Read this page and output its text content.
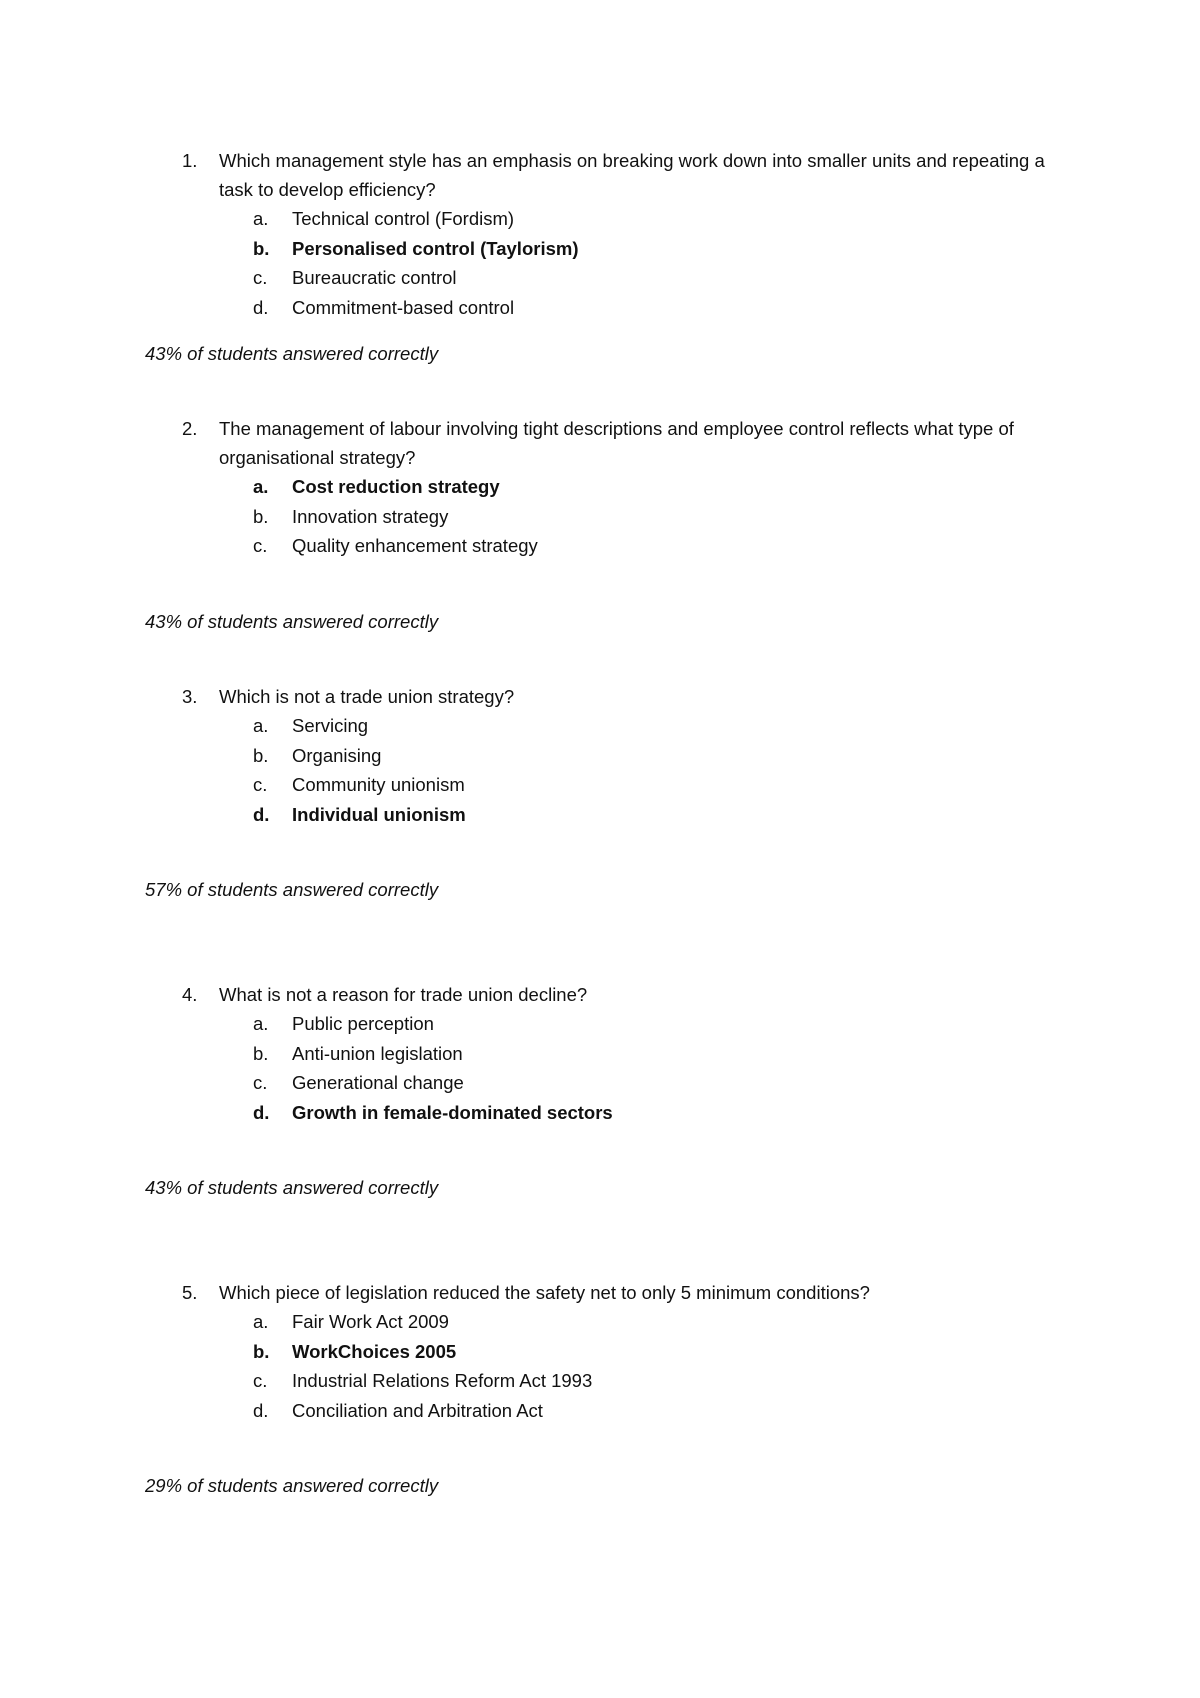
1. Which management style has an emphasis on breaking work down into smaller units and repeating a task to develop efficiency?
a. Technical control (Fordism)
b. Personalised control (Taylorism)
c. Bureaucratic control
d. Commitment-based control
43% of students answered correctly
2. The management of labour involving tight descriptions and employee control reflects what type of organisational strategy?
a. Cost reduction strategy
b. Innovation strategy
c. Quality enhancement strategy
43% of students answered correctly
3. Which is not a trade union strategy?
a. Servicing
b. Organising
c. Community unionism
d. Individual unionism
57% of students answered correctly
4. What is not a reason for trade union decline?
a. Public perception
b. Anti-union legislation
c. Generational change
d. Growth in female-dominated sectors
43% of students answered correctly
5. Which piece of legislation reduced the safety net to only 5 minimum conditions?
a. Fair Work Act 2009
b. WorkChoices 2005
c. Industrial Relations Reform Act 1993
d. Conciliation and Arbitration Act
29% of students answered correctly
